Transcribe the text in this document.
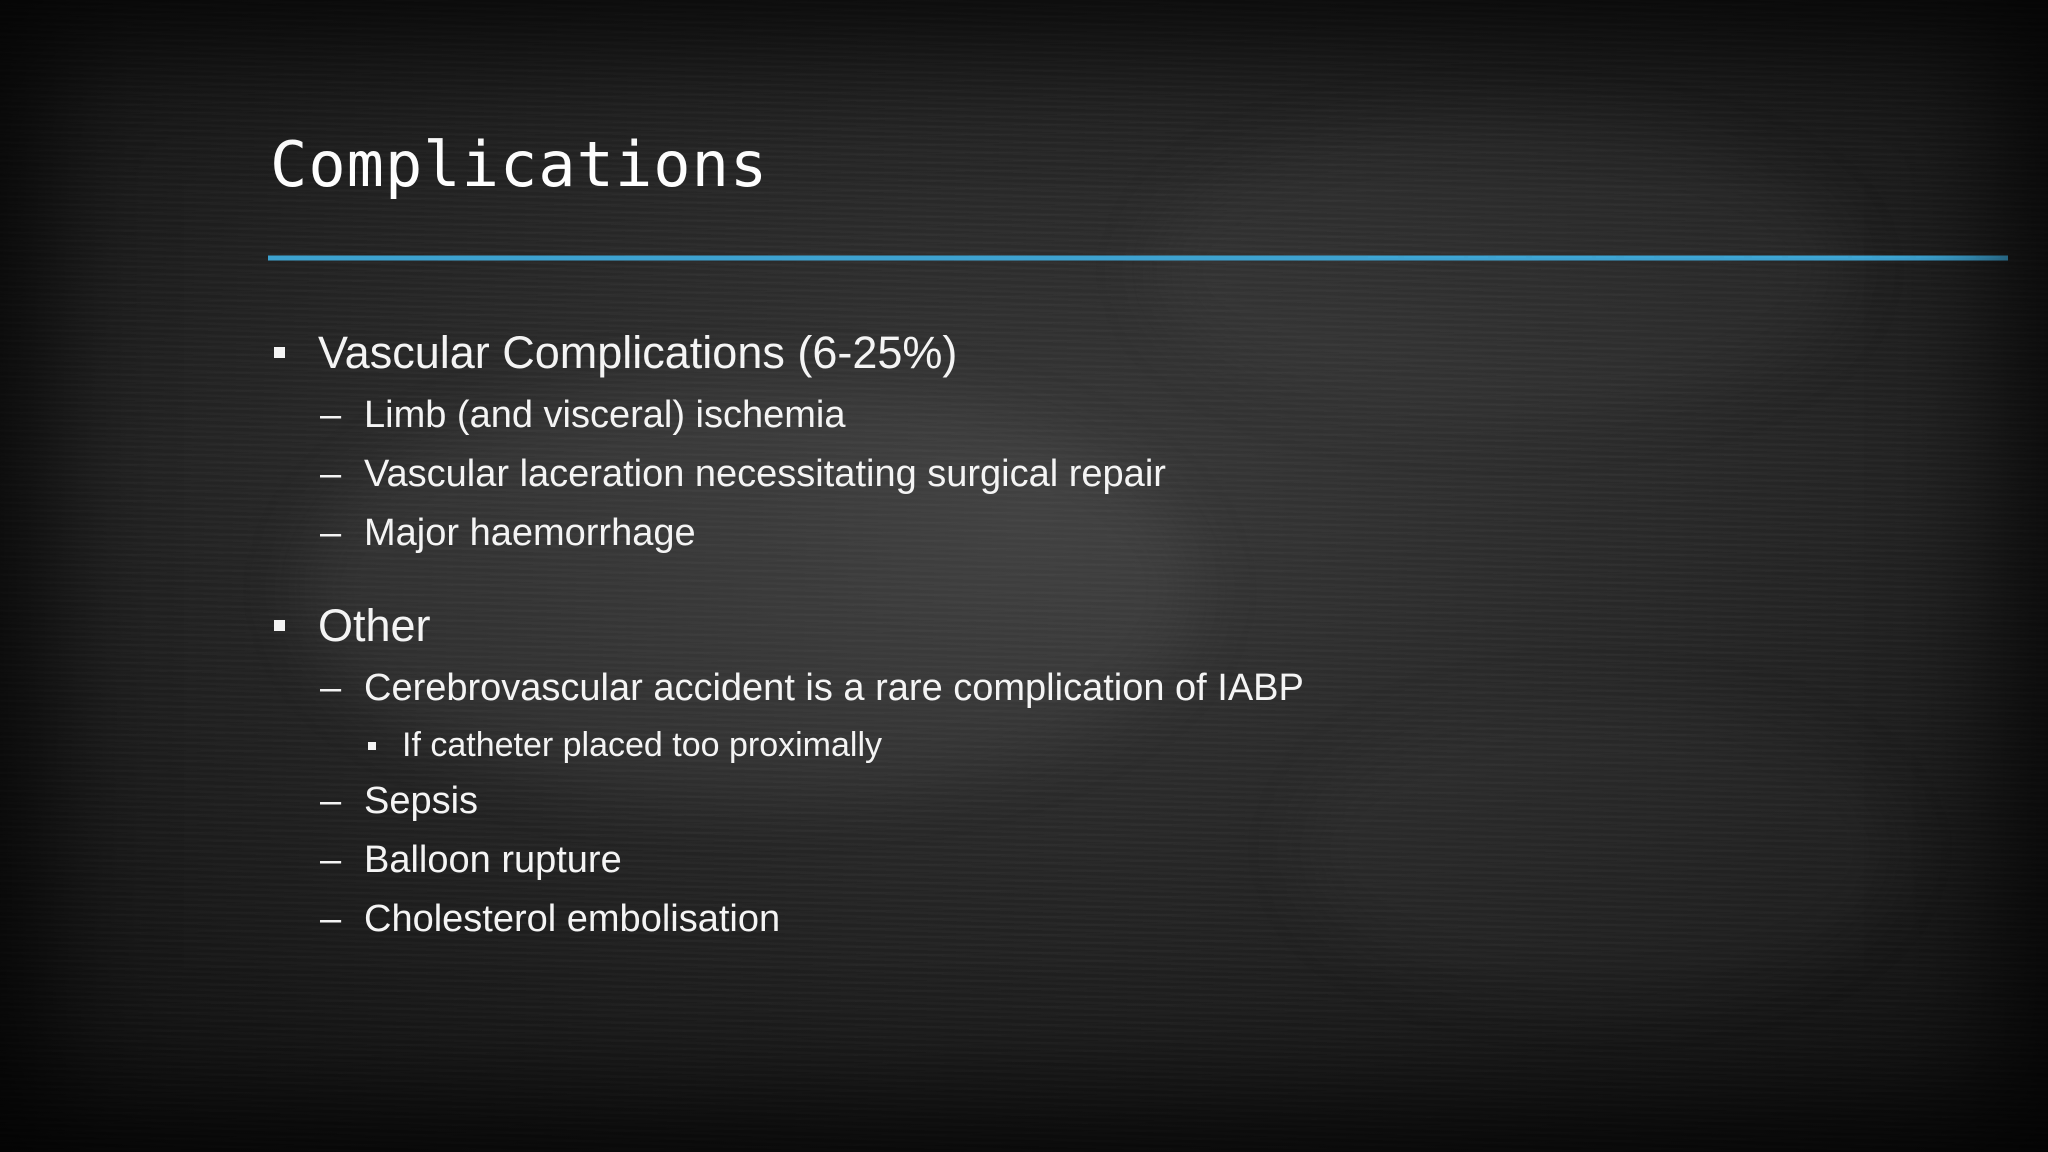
Complications
Vascular Complications (6-25%)
– Limb (and visceral) ischemia
– Vascular laceration necessitating surgical repair
– Major haemorrhage
Other
– Cerebrovascular accident is a rare complication of IABP
If catheter placed too proximally
– Sepsis
– Balloon rupture
– Cholesterol embolisation
